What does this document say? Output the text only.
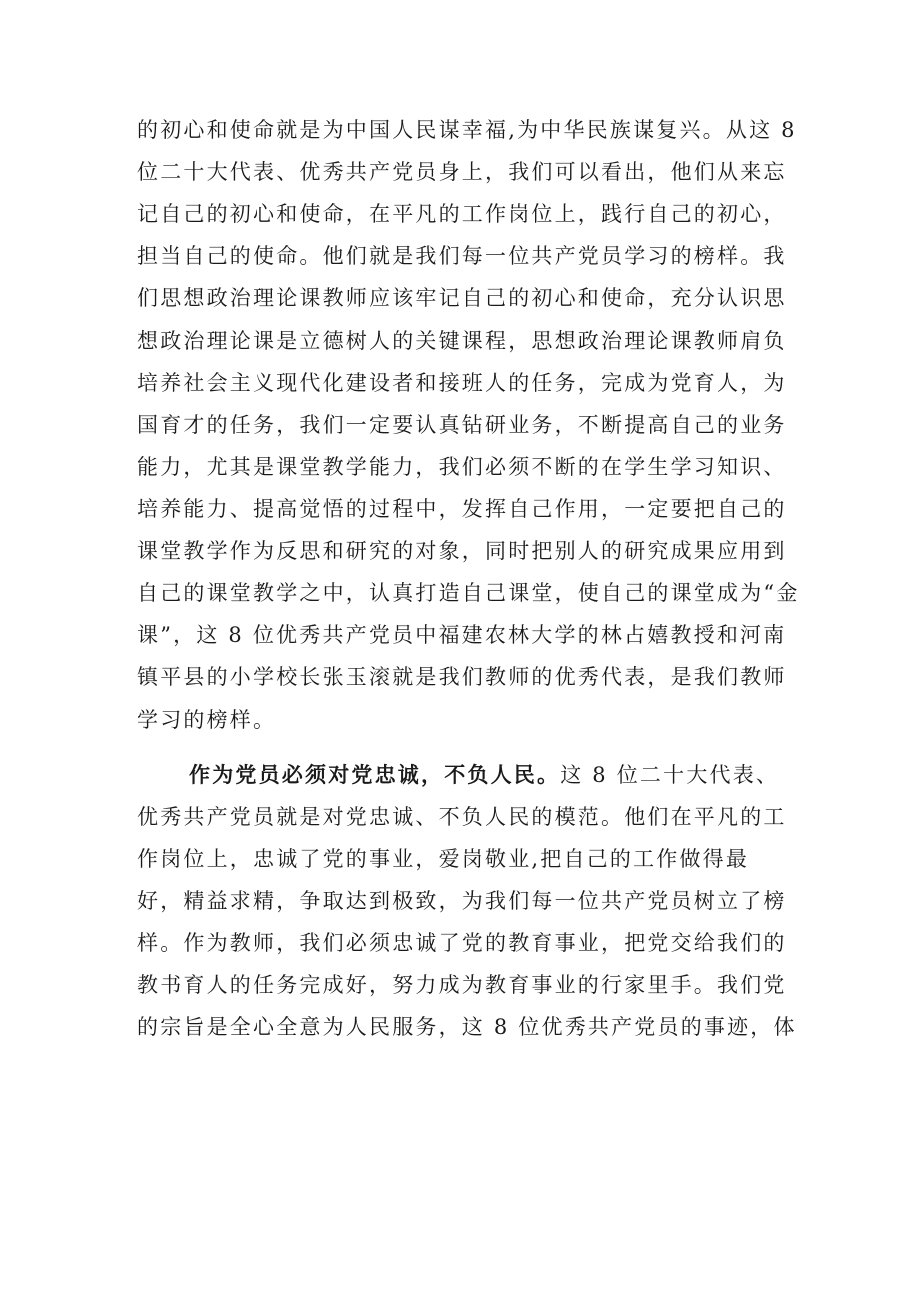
的初心和使命就是为中国人民谋幸福,为中华民族谋复兴。从这 8
位二十大代表、优秀共产党员身上，我们可以看出，他们从来忘
记自己的初心和使命，在平凡的工作岗位上，践行自己的初心，
担当自己的使命。他们就是我们每一位共产党员学习的榜样。我
们思想政治理论课教师应该牢记自己的初心和使命，充分认识思
想政治理论课是立德树人的关键课程，思想政治理论课教师肩负
培养社会主义现代化建设者和接班人的任务，完成为党育人，为
国育才的任务，我们一定要认真钻研业务，不断提高自己的业务
能力，尤其是课堂教学能力，我们必须不断的在学生学习知识、
培养能力、提高觉悟的过程中，发挥自己作用，一定要把自己的
课堂教学作为反思和研究的对象，同时把别人的研究成果应用到
自己的课堂教学之中，认真打造自己课堂，使自己的课堂成为“金
课”，这 8 位优秀共产党员中福建农林大学的林占嬉教授和河南
镇平县的小学校长张玉滚就是我们教师的优秀代表，是我们教师
学习的榜样。
作为党员必须对党忠诚，不负人民。这 8 位二十大代表、
优秀共产党员就是对党忠诚、不负人民的模范。他们在平凡的工
作岗位上，忠诚了党的事业，爱岗敬业,把自己的工作做得最
好，精益求精，争取达到极致，为我们每一位共产党员树立了榜
样。作为教师，我们必须忠诚了党的教育事业，把党交给我们的
教书育人的任务完成好，努力成为教育事业的行家里手。我们党
的宗旨是全心全意为人民服务，这 8 位优秀共产党员的事迹，体
